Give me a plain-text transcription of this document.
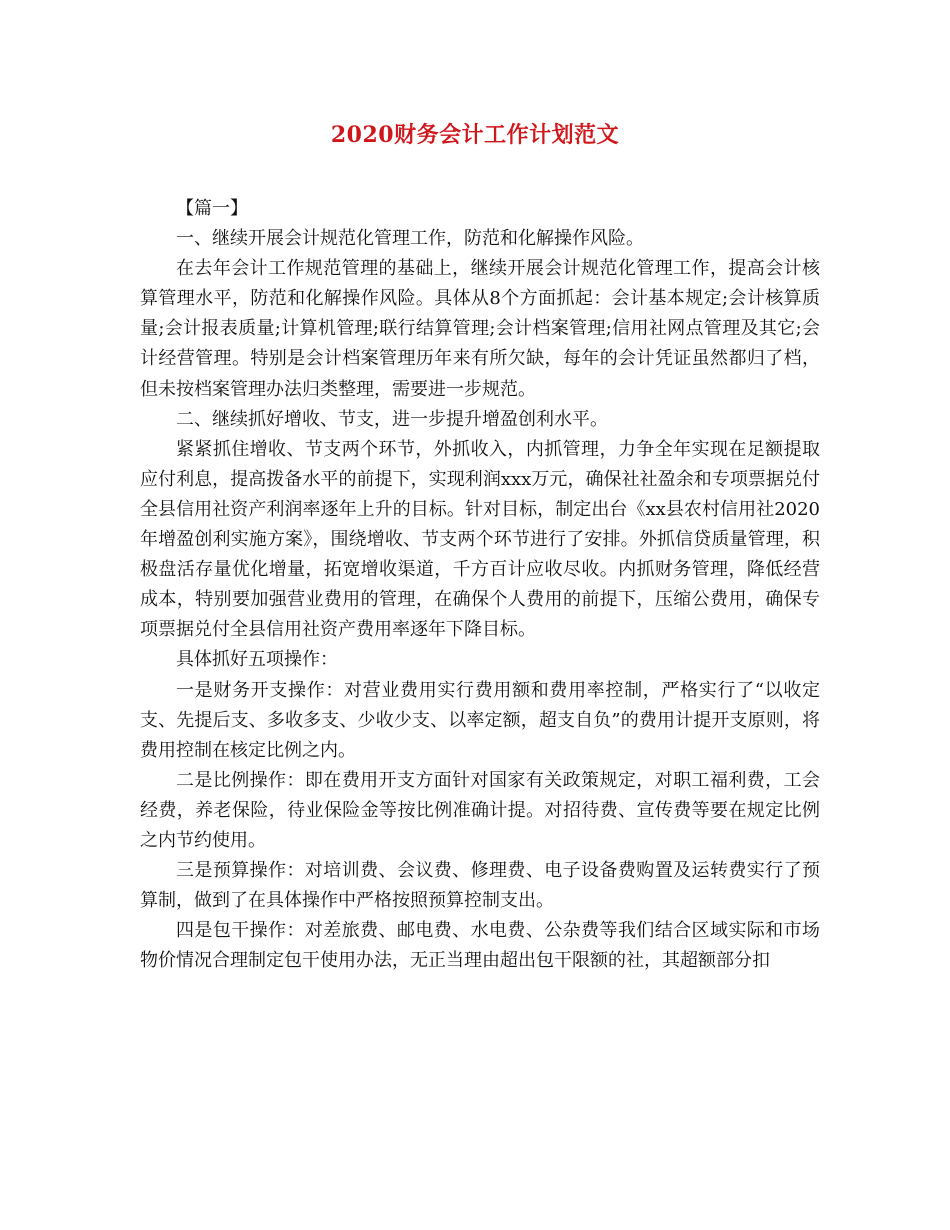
2020财务会计工作计划范文

【篇一】

一、继续开展会计规范化管理工作，防范和化解操作风险。

在去年会计工作规范管理的基础上，继续开展会计规范化管理工作，提高会计核算管理水平，防范和化解操作风险。具体从8个方面抓起：会计基本规定;会计核算质量;会计报表质量;计算机管理;联行结算管理;会计档案管理;信用社网点管理及其它;会计经营管理。特别是会计档案管理历年来有所欠缺，每年的会计凭证虽然都归了档，但未按档案管理办法归类整理，需要进一步规范。

二、继续抓好增收、节支，进一步提升增盈创利水平。

紧紧抓住增收、节支两个环节，外抓收入，内抓管理，力争全年实现在足额提取应付利息，提高拨备水平的前提下，实现利润xxx万元，确保社社盈余和专项票据兑付全县信用社资产利润率逐年上升的目标。针对目标，制定出台《xx县农村信用社2020年增盈创利实施方案》，围绕增收、节支两个环节进行了安排。外抓信贷质量管理，积极盘活存量优化增量，拓宽增收渠道，千方百计应收尽收。内抓财务管理，降低经营成本，特别要加强营业费用的管理，在确保个人费用的前提下，压缩公费用，确保专项票据兑付全县信用社资产费用率逐年下降目标。

具体抓好五项操作：

一是财务开支操作：对营业费用实行费用额和费用率控制，严格实行了“以收定支、先提后支、多收多支、少收少支、以率定额，超支自负”的费用计提开支原则，将费用控制在核定比例之内。

二是比例操作：即在费用开支方面针对国家有关政策规定，对职工福利费，工会经费，养老保险，待业保险金等按比例准确计提。对招待费、宣传费等要在规定比例之内节约使用。

三是预算操作：对培训费、会议费、修理费、电子设备费购置及运转费实行了预算制，做到了在具体操作中严格按照预算控制支出。

四是包干操作：对差旅费、邮电费、水电费、公杂费等我们结合区域实际和市场物价情况合理制定包干使用办法，无正当理由超出包干限额的社，其超额部分扣
